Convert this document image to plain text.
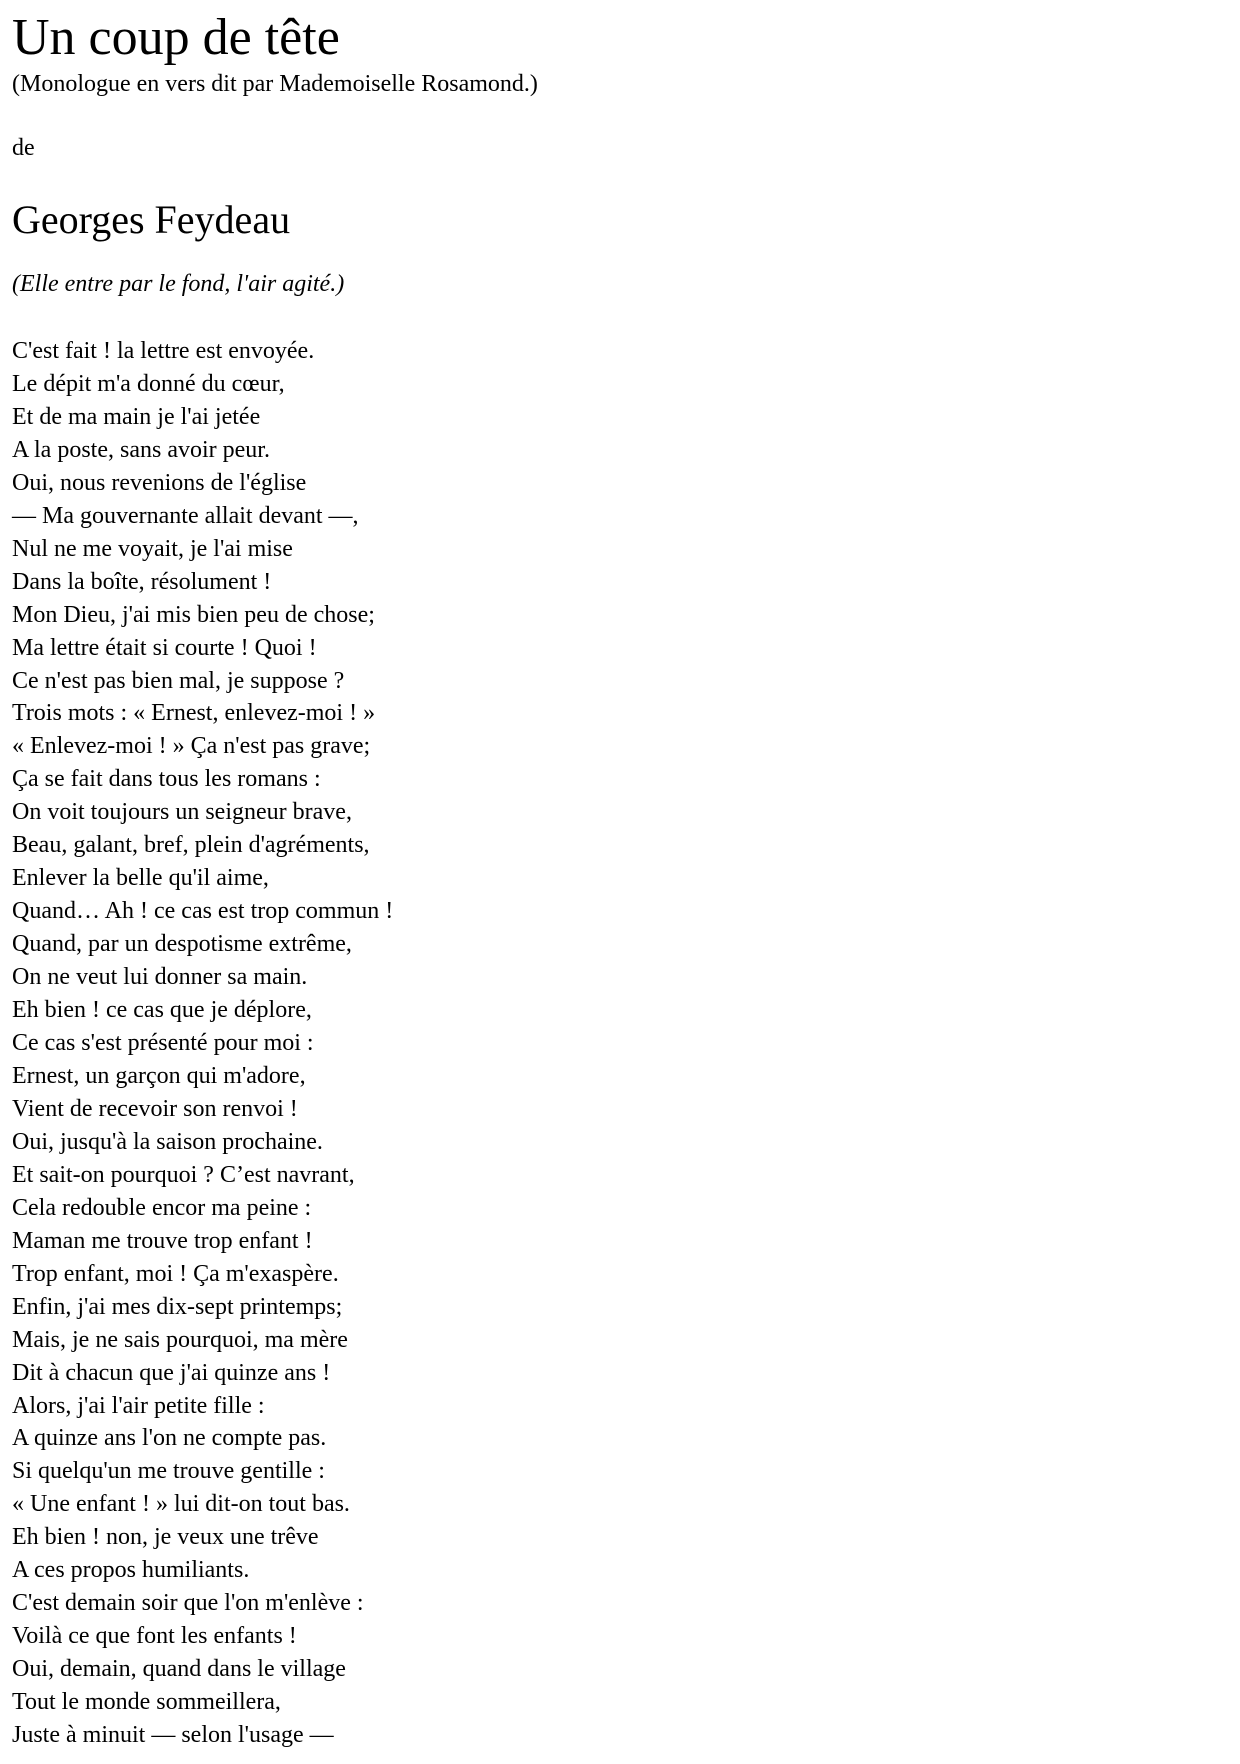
Un coup de tête
(Monologue en vers dit par Mademoiselle Rosamond.)
de
Georges Feydeau
(Elle entre par le fond, l'air agité.)
C'est fait ! la lettre est envoyée.
Le dépit m'a donné du cœur,
Et de ma main je l'ai jetée
A la poste, sans avoir peur.
Oui, nous revenions de l'église
— Ma gouvernante allait devant —,
Nul ne me voyait, je l'ai mise
Dans la boîte, résolument !
Mon Dieu, j'ai mis bien peu de chose;
Ma lettre était si courte ! Quoi !
Ce n'est pas bien mal, je suppose ?
Trois mots : « Ernest, enlevez-moi ! »
« Enlevez-moi ! » Ça n'est pas grave;
Ça se fait dans tous les romans :
On voit toujours un seigneur brave,
Beau, galant, bref, plein d'agréments,
Enlever la belle qu'il aime,
Quand… Ah ! ce cas est trop commun !
Quand, par un despotisme extrême,
On ne veut lui donner sa main.
Eh bien ! ce cas que je déplore,
Ce cas s'est présenté pour moi :
Ernest, un garçon qui m'adore,
Vient de recevoir son renvoi !
Oui, jusqu'à la saison prochaine.
Et sait-on pourquoi ? C’est navrant,
Cela redouble encor ma peine :
Maman me trouve trop enfant !
Trop enfant, moi ! Ça m'exaspère.
Enfin, j'ai mes dix-sept printemps;
Mais, je ne sais pourquoi, ma mère
Dit à chacun que j'ai quinze ans !
Alors, j'ai l'air petite fille :
A quinze ans l'on ne compte pas.
Si quelqu'un me trouve gentille :
« Une enfant ! » lui dit-on tout bas.
Eh bien ! non, je veux une trêve
A ces propos humiliants.
C'est demain soir que l'on m'enlève :
Voilà ce que font les enfants !
Oui, demain, quand dans le village
Tout le monde sommeillera,
Juste à minuit — selon l'usage —
